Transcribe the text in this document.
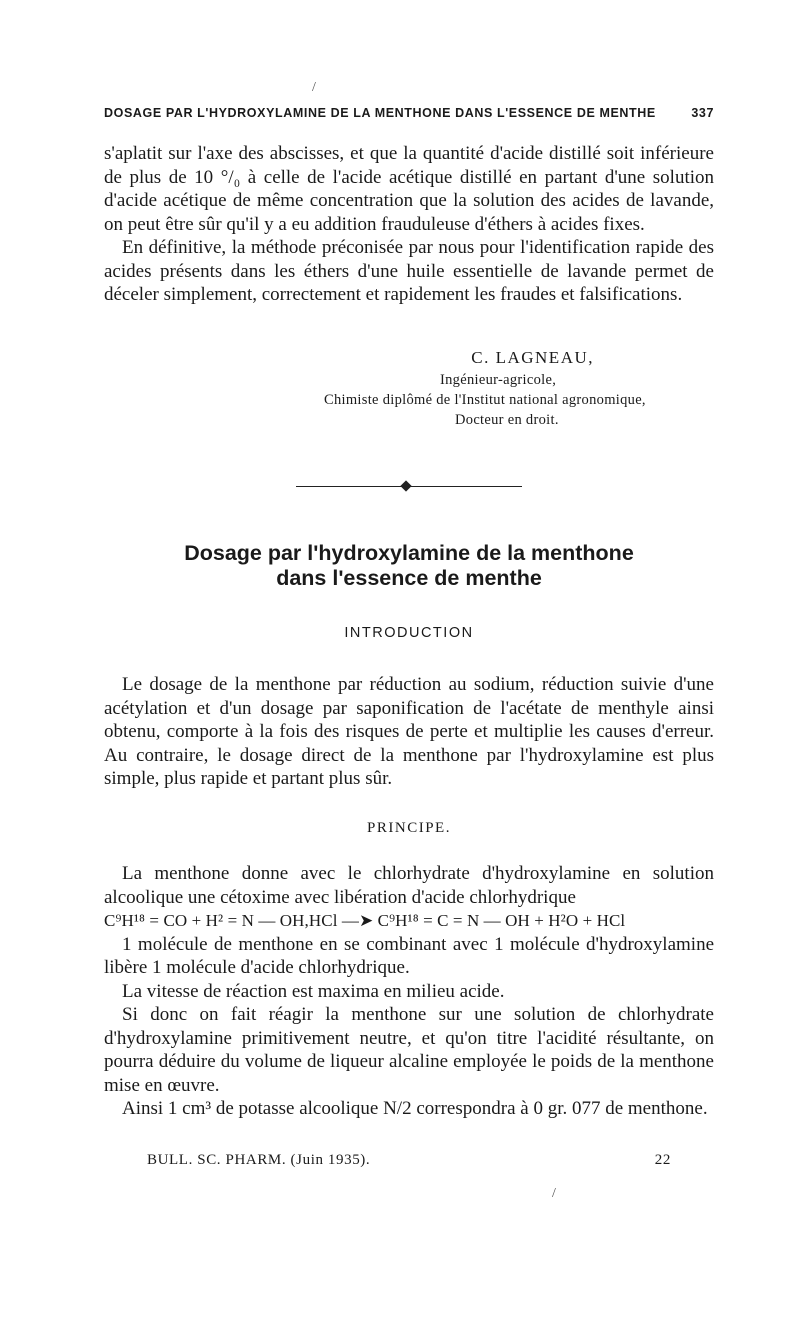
/
DOSAGE PAR L'HYDROXYLAMINE DE LA MENTHONE DANS L'ESSENCE DE MENTHE	337

s'aplatit sur l'axe des abscisses, et que la quantité d'acide distillé soit inférieure de plus de 10 °/₀ à celle de l'acide acétique distillé en partant d'une solution d'acide acétique de même concentration que la solution des acides de lavande, on peut être sûr qu'il y a eu addition frauduleuse d'éthers à acides fixes.

En définitive, la méthode préconisée par nous pour l'identification rapide des acides présents dans les éthers d'une huile essentielle de lavande permet de déceler simplement, correctement et rapidement les fraudes et falsifications.

C. LAGNEAU,

Ingénieur-agricole,

Chimiste diplômé de l'Institut national agronomique,

Docteur en droit.

Dosage par l'hydroxylamine de la menthone

dans l'essence de menthe

INTRODUCTION

Le dosage de la menthone par réduction au sodium, réduction suivie d'une acétylation et d'un dosage par saponification de l'acétate de menthyle ainsi obtenu, comporte à la fois des risques de perte et multiplie les causes d'erreur. Au contraire, le dosage direct de la menthone par l'hydroxylamine est plus simple, plus rapide et partant plus sûr.

PRINCIPE.

La menthone donne avec le chlorhydrate d'hydroxylamine en solution alcoolique une cétoxime avec libération d'acide chlorhydrique

C⁹H¹⁸ = CO + H² = N — OH,HCl —➤ C⁹H¹⁸ = C = N — OH + H²O + HCl

1 molécule de menthone en se combinant avec 1 molécule d'hydroxylamine libère 1 molécule d'acide chlorhydrique.

La vitesse de réaction est maxima en milieu acide.

Si donc on fait réagir la menthone sur une solution de chlorhydrate d'hydroxylamine primitivement neutre, et qu'on titre l'acidité résultante, on pourra déduire du volume de liqueur alcaline employée le poids de la menthone mise en œuvre.

Ainsi 1 cm³ de potasse alcoolique N/2 correspondra à 0 gr. 077 de menthone.

BULL. SC. PHARM. (Juin 1935).	22
/
